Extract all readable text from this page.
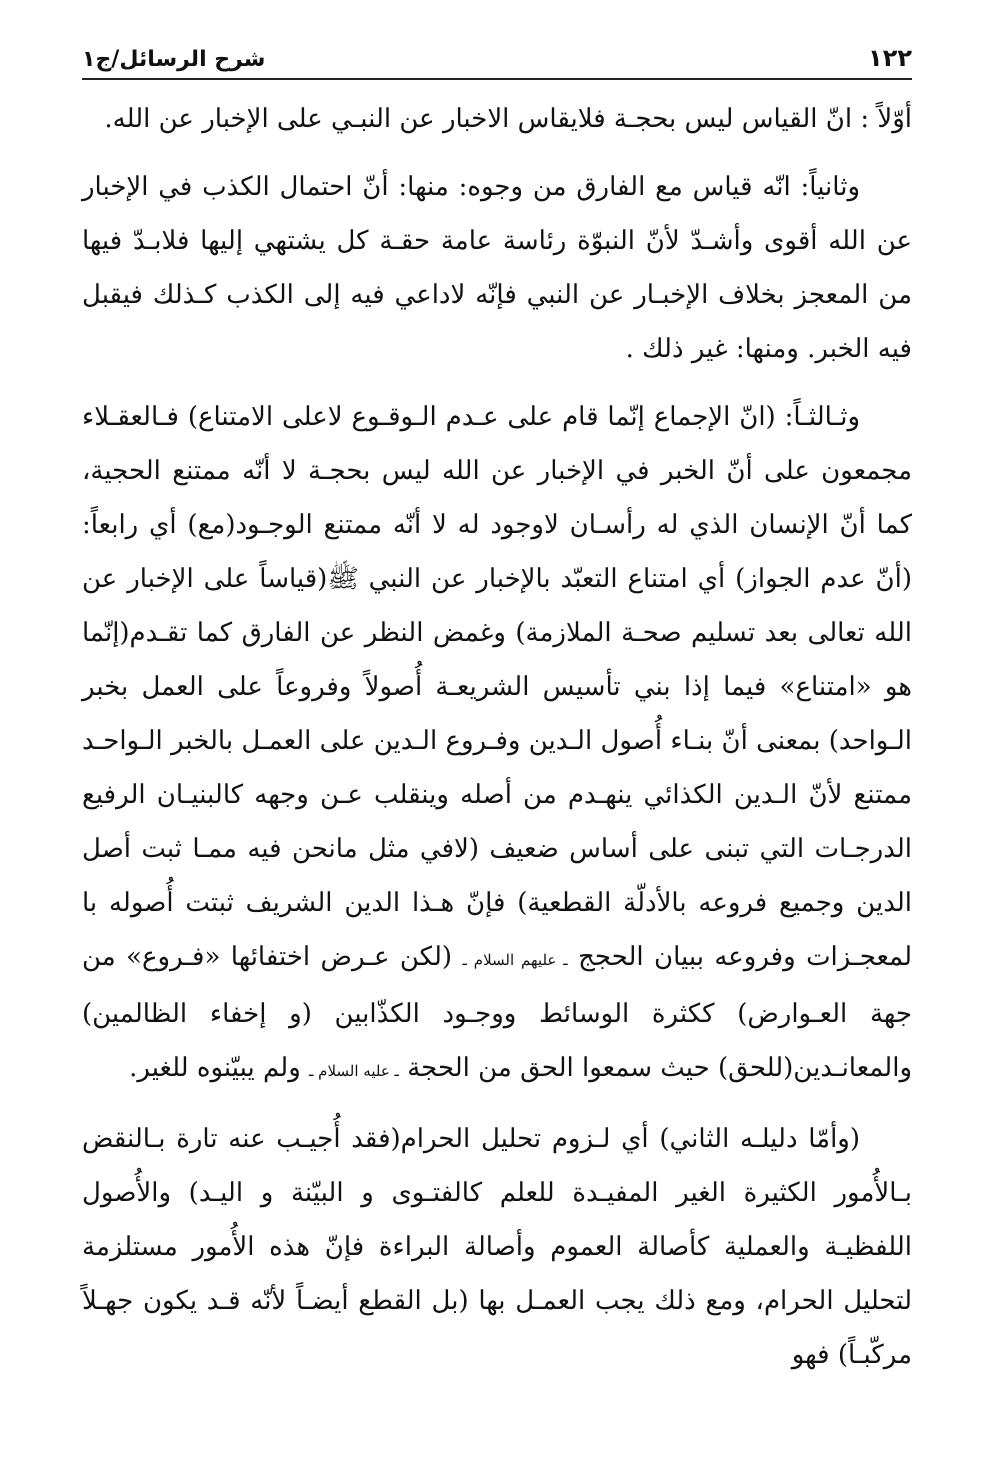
١٢٢
شرح الرسائل/ج١

أوّلاً : انّ القياس ليس بحجـة فلايقاس الاخبار عن النبـي على الإخبار عن الله.

وثانياً: انّه قياس مع الفارق من وجوه: منها: أنّ احتمال الكذب في الإخبار عن الله أقوى وأشـدّ لأنّ النبوّة رئاسة عامة حقـة كل يشتهي إليها فلابـدّ فيها من المعجز بخلاف الإخبـار عن النبي فإنّه لاداعي فيه إلى الكذب كـذلك فيقبل فيه الخبر. ومنها: غير ذلك .

وثـالثـاً: (انّ الإجماع إنّما قام على عـدم الـوقـوع لاعلى الامتناع) فـالعقـلاء مجمعون على أنّ الخبر في الإخبار عن الله ليس بحجـة لا أنّه ممتنع الحجية، كما أنّ الإنسان الذي له رأسـان لاوجود له لا أنّه ممتنع الوجـود(مع) أي رابعاً: (أنّ عدم الجواز) أي امتناع التعبّد بالإخبار عن النبي ﷺ(قياساً على الإخبار عن الله تعالى بعد تسليم صحـة الملازمة) وغمض النظر عن الفارق كما تقـدم(إنّما هو «امتناع» فيما إذا بني تأسيس الشريعـة أُصولاً وفروعاً على العمل بخبر الـواحد) بمعنى أنّ بنـاء أُصول الـدين وفـروع الـدين على العمـل بالخبر الـواحـد ممتنع لأنّ الـدين الكذائي ينهـدم من أصله وينقلب عـن وجهه كالبنيـان الرفيع الدرجـات التي تبنى على أساس ضعيف (لافي مثل مانحن فيه ممـا ثبت أصل الدين وجميع فروعه بالأدلّة القطعية) فإنّ هـذا الدين الشريف ثبتت أُصوله با لمعجـزات وفروعه ببيان الحجج ـ عليهم السلام ـ (لكن عـرض اختفائها «فـروع» من جهة العـوارض) ككثرة الوسائط ووجـود الكذّابين (و إخفاء الظالمين) والمعانـدين(للحق) حيث سمعوا الحق من الحجة ـ عليه السلام ـ ولم يبيّنوه للغير.

(وأمّا دليلـه الثاني) أي لـزوم تحليل الحرام(فقد أُجيـب عنه تارة بـالنقض بـالأُمور الكثيرة الغير المفيـدة للعلم كالفتـوى و البيّنة و اليـد) والأُصول اللفظيـة والعملية كأصالة العموم وأصالة البراءة فإنّ هذه الأُمور مستلزمة لتحليل الحرام، ومع ذلك يجب العمـل بها (بل القطع أيضـاً لأنّه قـد يكون جهـلاً مركّبـاً) فهو
